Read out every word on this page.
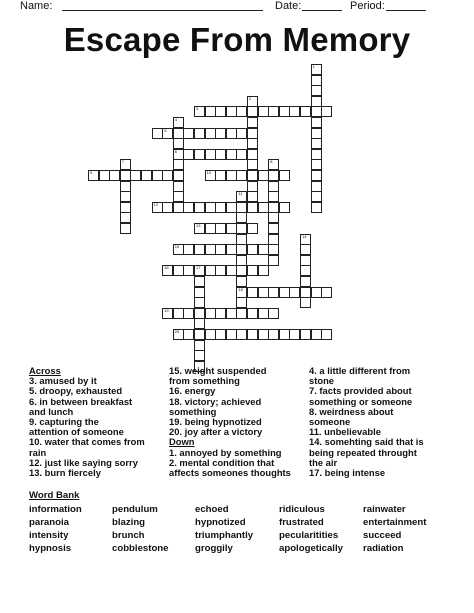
Name:	Date:	Period:
Escape From Memory
1
2
3
4
5
6
7	8
9	10
11
12
13
14
15
16	17
18
19
20
Across
3. amused by it
5. droopy, exhausted
6. in between breakfast
and lunch
9. capturing the
attention of someone
10. water that comes from
rain
12. just like saying sorry
13. burn fiercely
15. weight suspended
from something
16. energy
18. victory; achieved
something
19. being hypnotized
20. joy after a victory
Down
1. annoyed by something
2. mental condition that
affects someones thoughts
4. a little different from
stone
7. facts provided about
something or someone
8. weirdness about
someone
11. unbelievable
14. somehting said that is
being repeated throught
the air
17. being intense
Word Bank
information
paranoia
intensity
hypnosis
pendulum
blazing
brunch
cobblestone
echoed
hypnotized
triumphantly
groggily
ridiculous
frustrated
pecularitities
apologetically
rainwater
entertainment
succeed
radiation
